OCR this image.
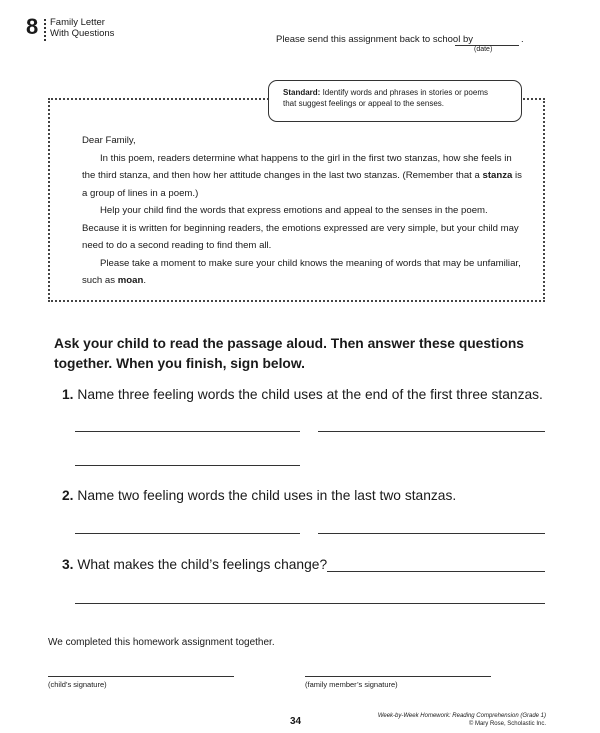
8 Family Letter
With Questions
Please send this assignment back to school by	.
(date)
Standard: Identify words and phrases in stories or poems
that suggest feelings or appeal to the senses.

Dear Family,

In this poem, readers determine what happens to the girl in the first two stanzas, how she feels in the third stanza, and then how her attitude changes in the last two stanzas. (Remember that a stanza is a group of lines in a poem.)

Help your child find the words that express emotions and appeal to the senses in the poem. Because it is written for beginning readers, the emotions expressed are very simple, but your child may need to do a second reading to find them all.

Please take a moment to make sure your child knows the meaning of words that may be unfamiliar, such as moan.

Ask your child to read the passage aloud. Then answer these questions together. When you finish, sign below.
1. Name three feeling words the child uses at the end of the first three stanzas.
2. Name two feeling words the child uses in the last two stanzas.
3. What makes the child’s feelings change?
We completed this homework assignment together.
(child’s signature)	(family member’s signature)
34	Week-by-Week Homework: Reading Comprehension (Grade 1)
© Mary Rose, Scholastic Inc.
